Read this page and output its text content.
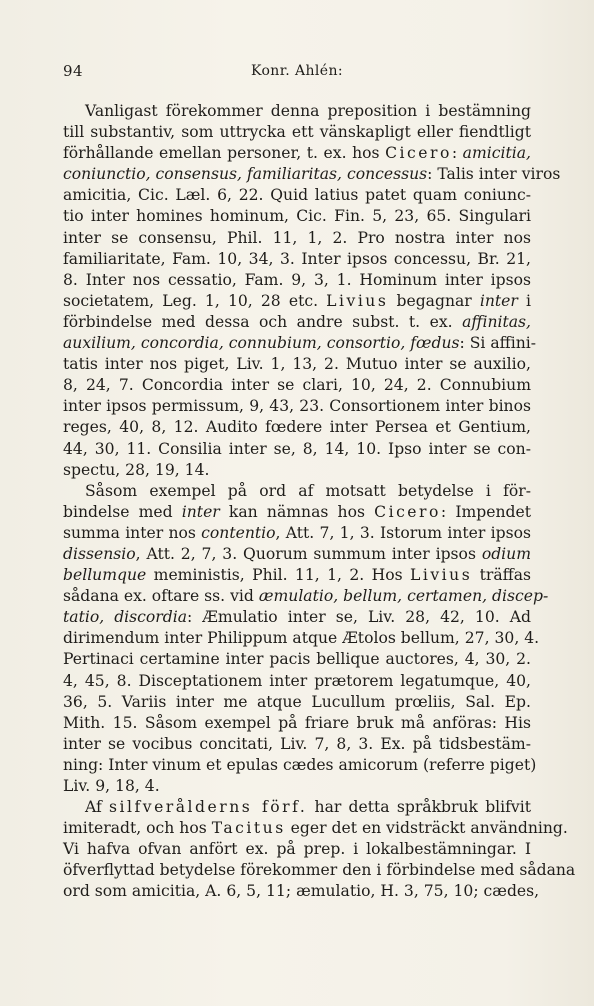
94	Konr. Ahlén:
Vanligast förekommer denna preposition i bestämning
till substantiv, som uttrycka ett vänskapligt eller fiendtligt
förhållande emellan personer, t. ex. hos Cicero: amicitia,
coniunctio, consensus, familiaritas, concessus: Talis inter viros
amicitia, Cic. Læl. 6, 22. Quid latius patet quam coniunc-
tio inter homines hominum, Cic. Fin. 5, 23, 65. Singulari
inter se consensu, Phil. 11, 1, 2. Pro nostra inter nos
familiaritate, Fam. 10, 34, 3. Inter ipsos concessu, Br. 21,
8. Inter nos cessatio, Fam. 9, 3, 1. Hominum inter ipsos
societatem, Leg. 1, 10, 28 etc. Livius begagnar inter i
förbindelse med dessa och andre subst. t. ex. affinitas,
auxilium, concordia, connubium, consortio, fœdus: Si affini-
tatis inter nos piget, Liv. 1, 13, 2. Mutuo inter se auxilio,
8, 24, 7. Concordia inter se clari, 10, 24, 2. Connubium
inter ipsos permissum, 9, 43, 23. Consortionem inter binos
reges, 40, 8, 12. Audito fœdere inter Persea et Gentium,
44, 30, 11. Consilia inter se, 8, 14, 10. Ipso inter se con-
spectu, 28, 19, 14.
Såsom exempel på ord af motsatt betydelse i för-
bindelse med inter kan nämnas hos Cicero: Impendet
summa inter nos contentio, Att. 7, 1, 3. Istorum inter ipsos
dissensio, Att. 2, 7, 3. Quorum summum inter ipsos odium
bellumque meministis, Phil. 11, 1, 2. Hos Livius träffas
sådana ex. oftare ss. vid æmulatio, bellum, certamen, discep-
tatio, discordia: Æmulatio inter se, Liv. 28, 42, 10. Ad
dirimendum inter Philippum atque Ætolos bellum, 27, 30, 4.
Pertinaci certamine inter pacis bellique auctores, 4, 30, 2.
4, 45, 8. Disceptationem inter prætorem legatumque, 40,
36, 5. Variis inter me atque Lucullum prœliis, Sal. Ep.
Mith. 15. Såsom exempel på friare bruk må anföras: His
inter se vocibus concitati, Liv. 7, 8, 3. Ex. på tidsbestäm-
ning: Inter vinum et epulas cædes amicorum (referre piget)
Liv. 9, 18, 4.
Af silfverålderns förf. har detta språkbruk blifvit
imiteradt, och hos Tacitus eger det en vidsträckt användning.
Vi hafva ofvan anfört ex. på prep. i lokalbestämningar. I
öfverflyttad betydelse förekommer den i förbindelse med sådana
ord som amicitia, A. 6, 5, 11; æmulatio, H. 3, 75, 10; cædes,
